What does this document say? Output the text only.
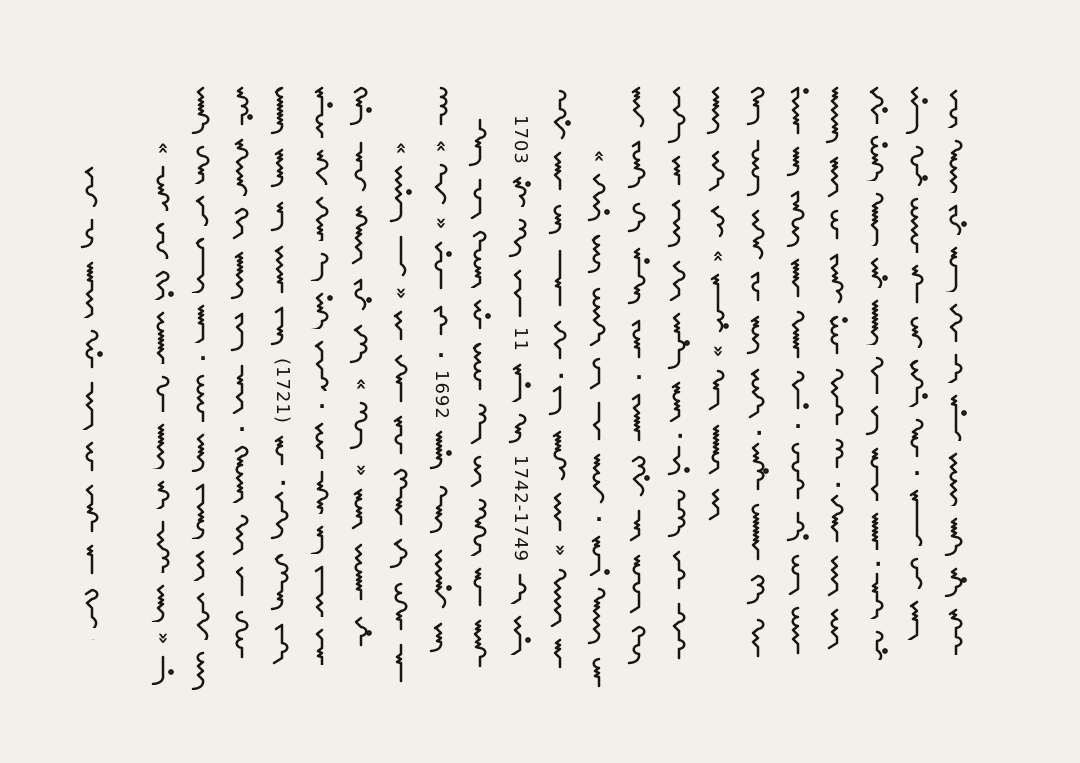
··
«
»
·
·
(1721)
··
·
«
»
«
»
«
»
·
1692
1703
11
1742-1749
··
»
«
·
·
··
«
»
·· ·
··
··
·
